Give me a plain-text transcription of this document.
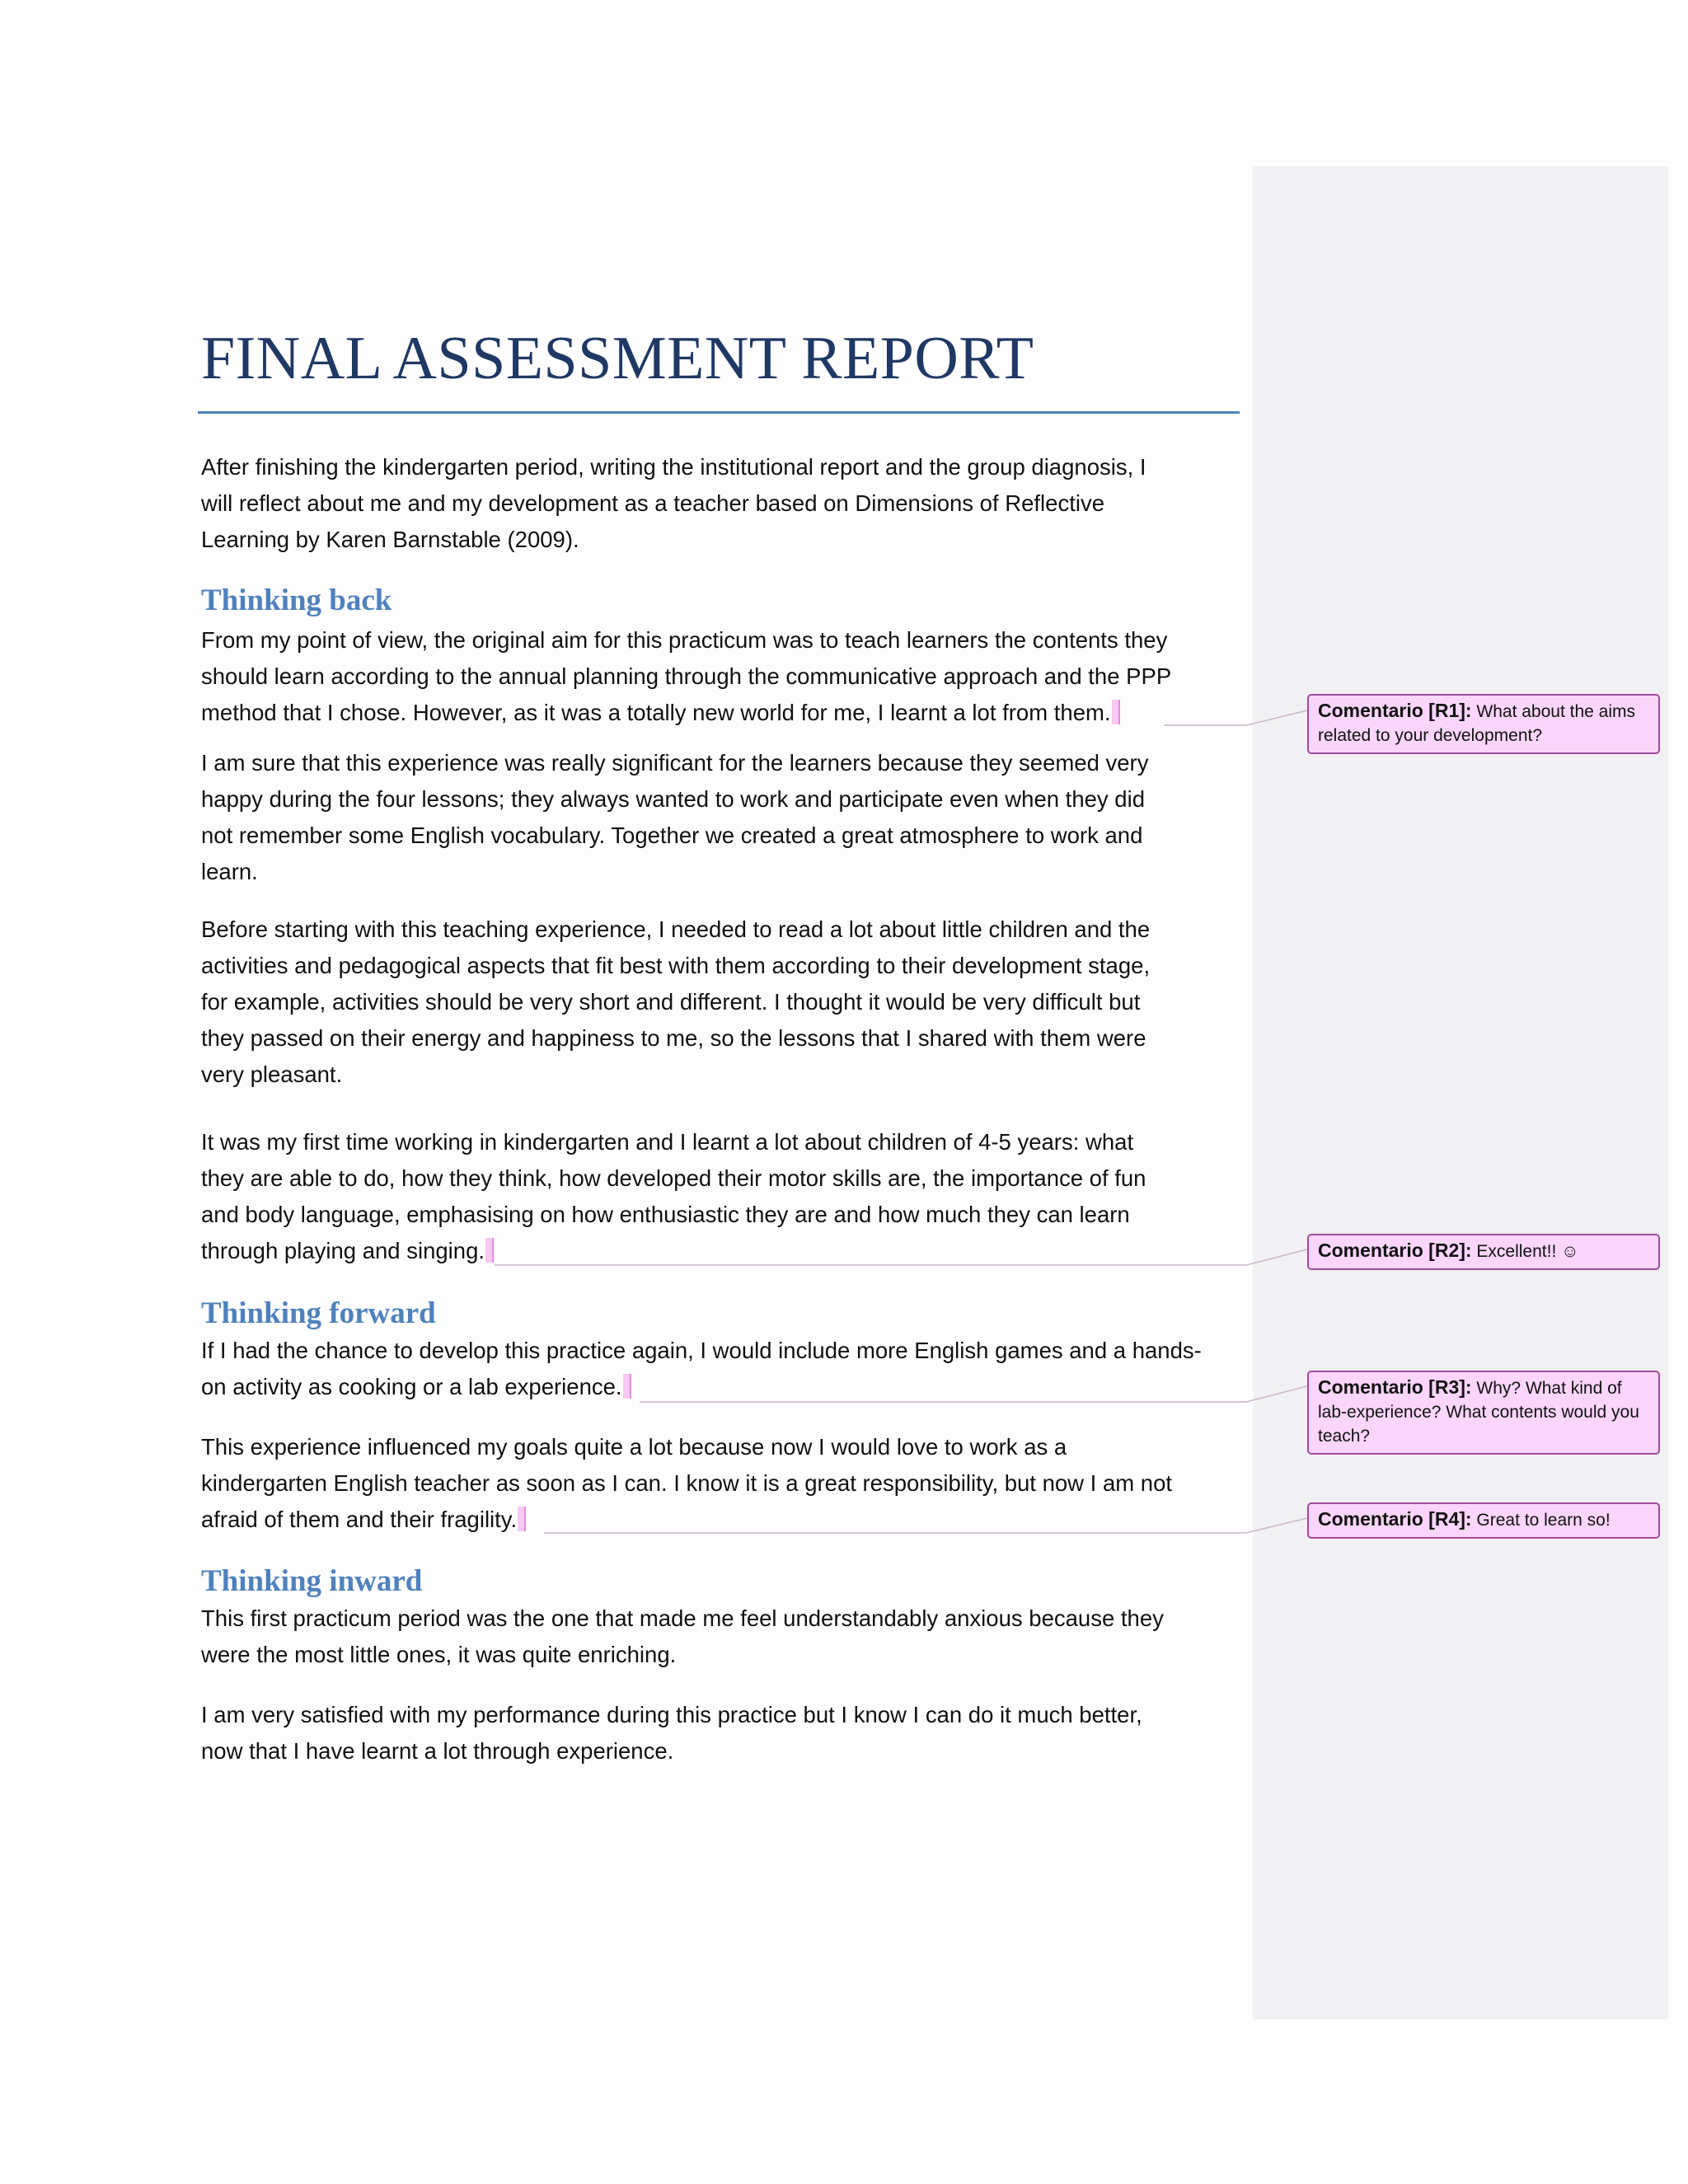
FINAL ASSESSMENT REPORT

After finishing the kindergarten period, writing the institutional report and the group diagnosis, I
will reflect about me and my development as a teacher based on Dimensions of Reflective
Learning by Karen Barnstable (2009).

Thinking back

From my point of view, the original aim for this practicum was to teach learners the contents they
should learn according to the annual planning through the communicative approach and the PPP
method that I chose. However, as it was a totally new world for me, I learnt a lot from them.

I am sure that this experience was really significant for the learners because they seemed very
happy during the four lessons; they always wanted to work and participate even when they did
not remember some English vocabulary. Together we created a great atmosphere to work and
learn.

Before starting with this teaching experience, I needed to read a lot about little children and the
activities and pedagogical aspects that fit best with them according to their development stage,
for example, activities should be very short and different. I thought it would be very difficult but
they passed on their energy and happiness to me, so the lessons that I shared with them were
very pleasant.

It was my first time working in kindergarten and I learnt a lot about children of 4-5 years: what
they are able to do, how they think, how developed their motor skills are, the importance of fun
and body language, emphasising on how enthusiastic they are and how much they can learn
through playing and singing.

Thinking forward

If I had the chance to develop this practice again, I would include more English games and a hands-
on activity as cooking or a lab experience.

This experience influenced my goals quite a lot because now I would love to work as a
kindergarten English teacher as soon as I can. I know it is a great responsibility, but now I am not
afraid of them and their fragility.

Thinking inward

This first practicum period was the one that made me feel understandably anxious because they
were the most little ones, it was quite enriching.

I am very satisfied with my performance during this practice but I know I can do it much better,
now that I have learnt a lot through experience.

Comentario [R1]: What about the aims related to your development?
Comentario [R2]: Excellent!! ☺
Comentario [R3]: Why? What kind of lab-experience? What contents would you teach?
Comentario [R4]: Great to learn so!
